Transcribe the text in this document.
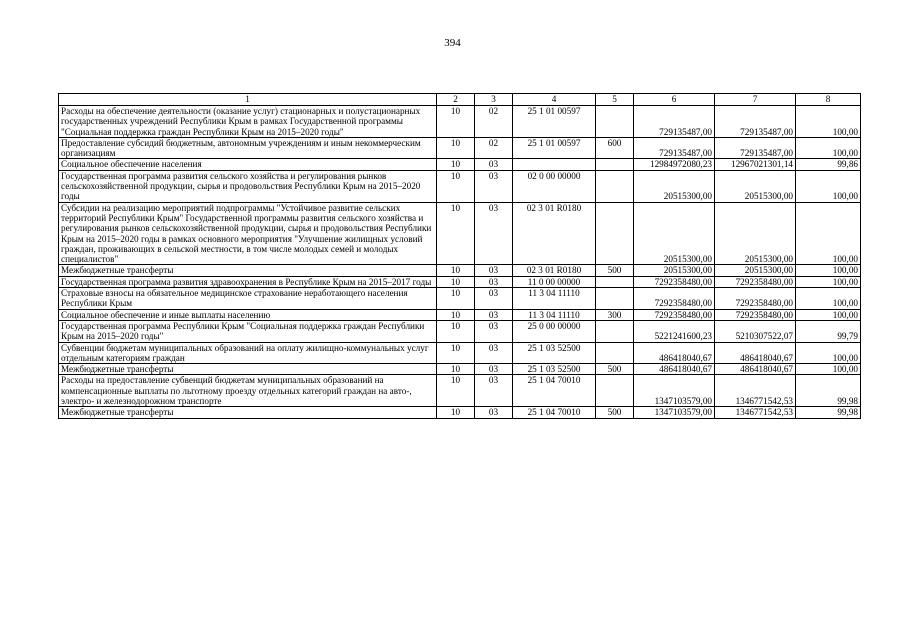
394
1	2	3	4	5	6	7	8
Расходы на обеспечение деятельности (оказание услуг) стационарных и полустационарных государственных учреждений Республики Крым в рамках Государственной программы "Социальная поддержка граждан Республики Крым на 2015–2020 годы"	10	02	25 1 01 00597		729135487,00	729135487,00	100,00
Предоставление субсидий бюджетным, автономным учреждениям и иным некоммерческим организациям	10	02	25 1 01 00597	600	729135487,00	729135487,00	100,00
Социальное обеспечение населения	10	03			12984972080,23	12967021301,14	99,86
Государственная программа развития сельского хозяйства и регулирования рынков сельскохозяйственной продукции, сырья и продовольствия Республики Крым на 2015–2020 годы	10	03	02 0 00 00000		20515300,00	20515300,00	100,00
Субсидии на реализацию мероприятий подпрограммы "Устойчивое развитие сельских территорий Республики Крым" Государственной программы развития сельского хозяйства и регулирования рынков сельскохозяйственной продукции, сырья и продовольствия Республики Крым на 2015–2020 годы в рамках основного мероприятия "Улучшение жилищных условий граждан, проживающих в сельской местности, в том числе молодых семей и молодых специалистов"	10	03	02 3 01 R0180		20515300,00	20515300,00	100,00
Межбюджетные трансферты	10	03	02 3 01 R0180	500	20515300,00	20515300,00	100,00
Государственная программа развития здравоохранения в Республике Крым на 2015–2017 годы	10	03	11 0 00 00000		7292358480,00	7292358480,00	100,00
Страховые взносы на обязательное медицинское страхование неработающего населения Республики Крым	10	03	11 3 04 11110		7292358480,00	7292358480,00	100,00
Социальное обеспечение и иные выплаты населению	10	03	11 3 04 11110	300	7292358480,00	7292358480,00	100,00
Государственная программа Республики Крым "Социальная поддержка граждан Республики Крым на 2015–2020 годы"	10	03	25 0 00 00000		5221241600,23	5210307522,07	99,79
Субвенции бюджетам муниципальных образований на оплату жилищно-коммунальных услуг отдельным категориям граждан	10	03	25 1 03 52500		486418040,67	486418040,67	100,00
Межбюджетные трансферты	10	03	25 1 03 52500	500	486418040,67	486418040,67	100,00
Расходы на предоставление субвенций бюджетам муниципальных образований на компенсационные выплаты по льготному проезду отдельных категорий граждан на авто-, электро- и железнодорожном транспорте	10	03	25 1 04 70010		1347103579,00	1346771542,53	99,98
Межбюджетные трансферты	10	03	25 1 04 70010	500	1347103579,00	1346771542,53	99,98
